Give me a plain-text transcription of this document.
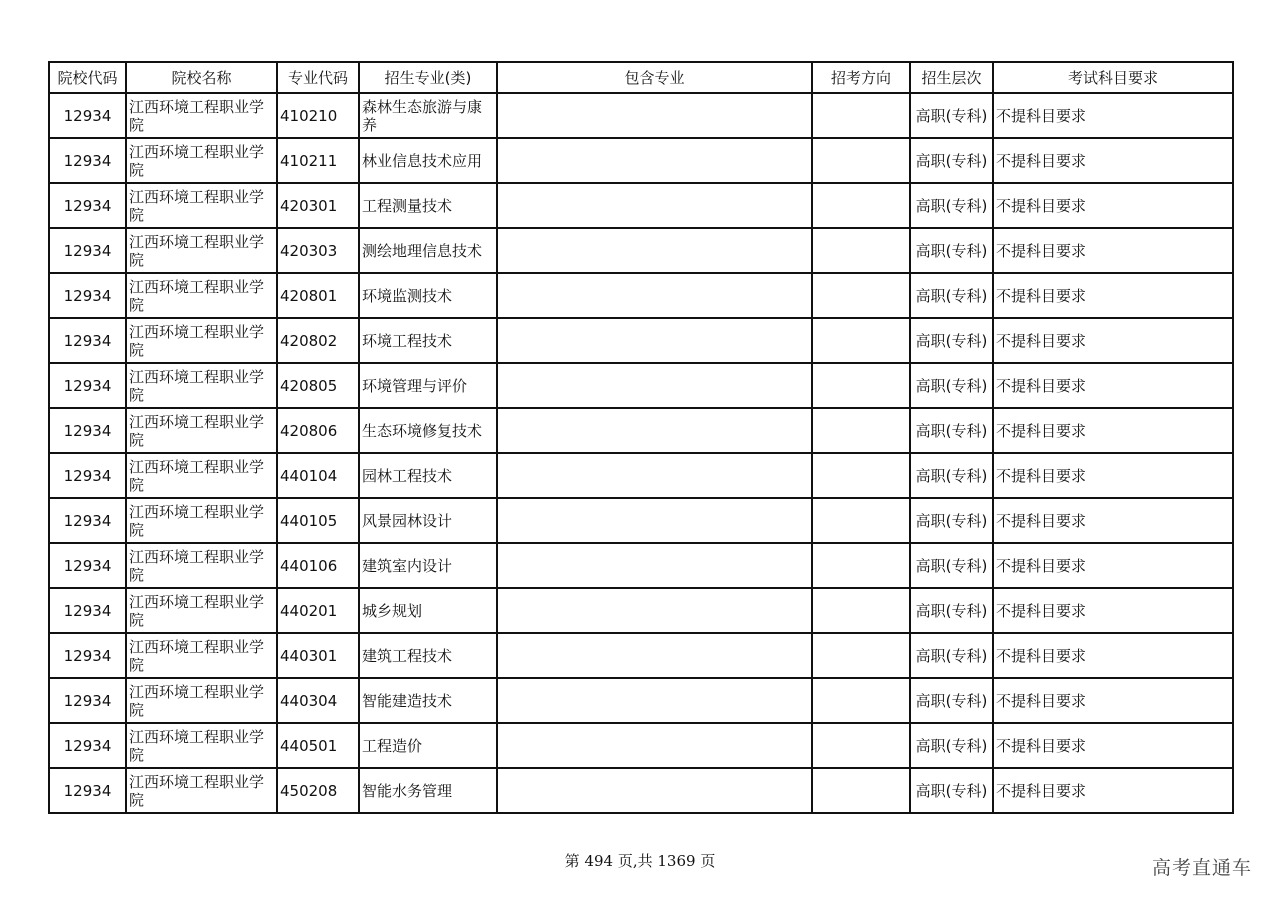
院校代码	院校名称	专业代码	招生专业(类)	包含专业	招考方向	招生层次	考试科目要求
12934	江西环境工程职业学院	410210	森林生态旅游与康养			高职(专科)	不提科目要求
12934	江西环境工程职业学院	410211	林业信息技术应用			高职(专科)	不提科目要求
12934	江西环境工程职业学院	420301	工程测量技术			高职(专科)	不提科目要求
12934	江西环境工程职业学院	420303	测绘地理信息技术			高职(专科)	不提科目要求
12934	江西环境工程职业学院	420801	环境监测技术			高职(专科)	不提科目要求
12934	江西环境工程职业学院	420802	环境工程技术			高职(专科)	不提科目要求
12934	江西环境工程职业学院	420805	环境管理与评价			高职(专科)	不提科目要求
12934	江西环境工程职业学院	420806	生态环境修复技术			高职(专科)	不提科目要求
12934	江西环境工程职业学院	440104	园林工程技术			高职(专科)	不提科目要求
12934	江西环境工程职业学院	440105	风景园林设计			高职(专科)	不提科目要求
12934	江西环境工程职业学院	440106	建筑室内设计			高职(专科)	不提科目要求
12934	江西环境工程职业学院	440201	城乡规划			高职(专科)	不提科目要求
12934	江西环境工程职业学院	440301	建筑工程技术			高职(专科)	不提科目要求
12934	江西环境工程职业学院	440304	智能建造技术			高职(专科)	不提科目要求
12934	江西环境工程职业学院	440501	工程造价			高职(专科)	不提科目要求
12934	江西环境工程职业学院	450208	智能水务管理			高职(专科)	不提科目要求
第 494 页,共 1369 页	高考直通车
